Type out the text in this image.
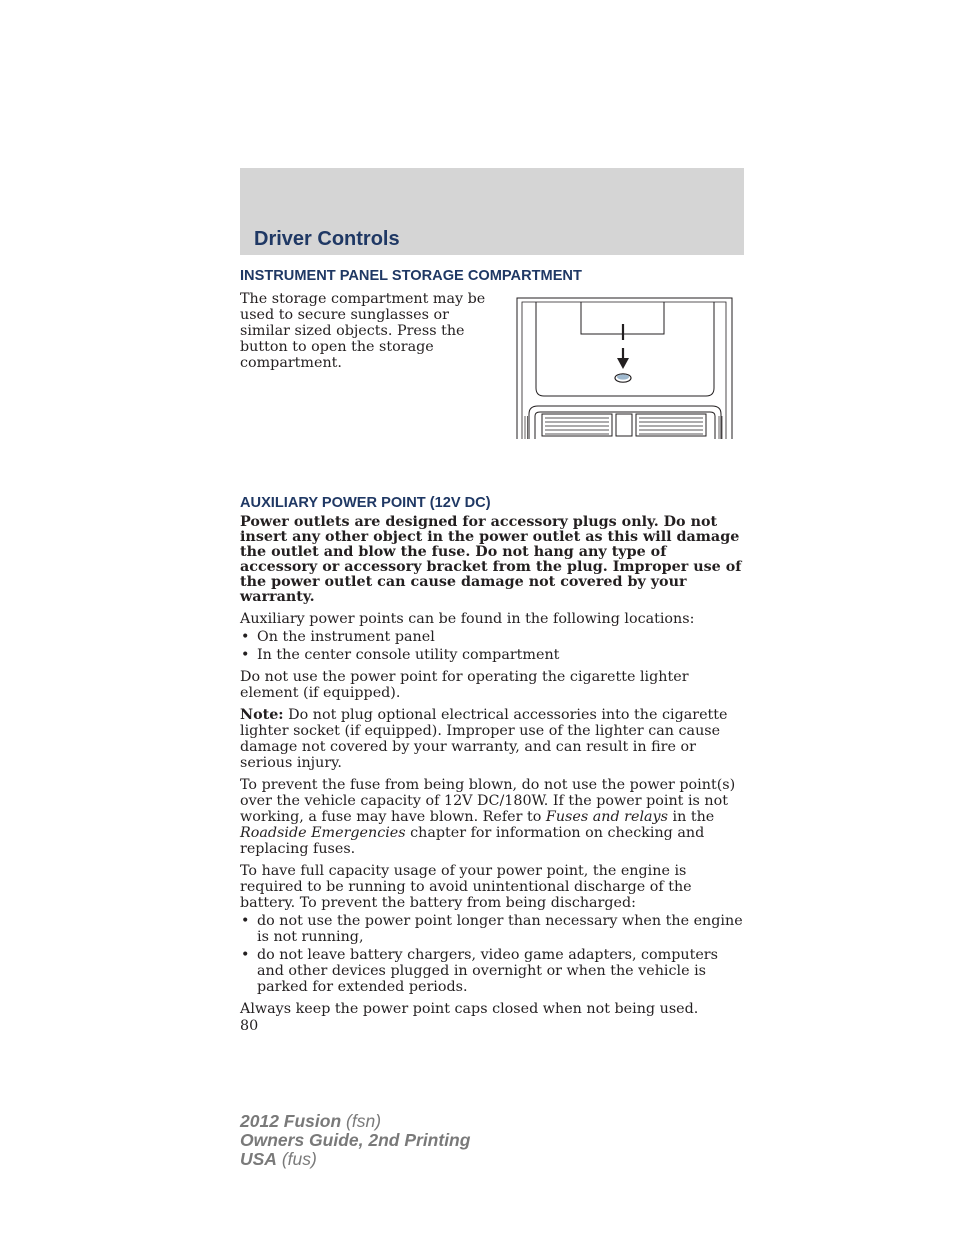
Driver Controls
INSTRUMENT PANEL STORAGE COMPARTMENT

The storage compartment may be used to secure sunglasses or similar sized objects. Press the button to open the storage compartment.

AUXILIARY POWER POINT (12V DC)

Power outlets are designed for accessory plugs only. Do not insert any other object in the power outlet as this will damage the outlet and blow the fuse. Do not hang any type of accessory or accessory bracket from the plug. Improper use of the power outlet can cause damage not covered by your warranty.

Auxiliary power points can be found in the following locations:

• On the instrument panel
• In the center console utility compartment

Do not use the power point for operating the cigarette lighter element (if equipped).

Note: Do not plug optional electrical accessories into the cigarette lighter socket (if equipped). Improper use of the lighter can cause damage not covered by your warranty, and can result in fire or serious injury.

To prevent the fuse from being blown, do not use the power point(s) over the vehicle capacity of 12V DC/180W. If the power point is not working, a fuse may have blown. Refer to Fuses and relays in the Roadside Emergencies chapter for information on checking and replacing fuses.

To have full capacity usage of your power point, the engine is required to be running to avoid unintentional discharge of the battery. To prevent the battery from being discharged:

• do not use the power point longer than necessary when the engine is not running,
• do not leave battery chargers, video game adapters, computers and other devices plugged in overnight or when the vehicle is parked for extended periods.

Always keep the power point caps closed when not being used.

80
2012 Fusion (fsn)
Owners Guide, 2nd Printing
USA (fus)
